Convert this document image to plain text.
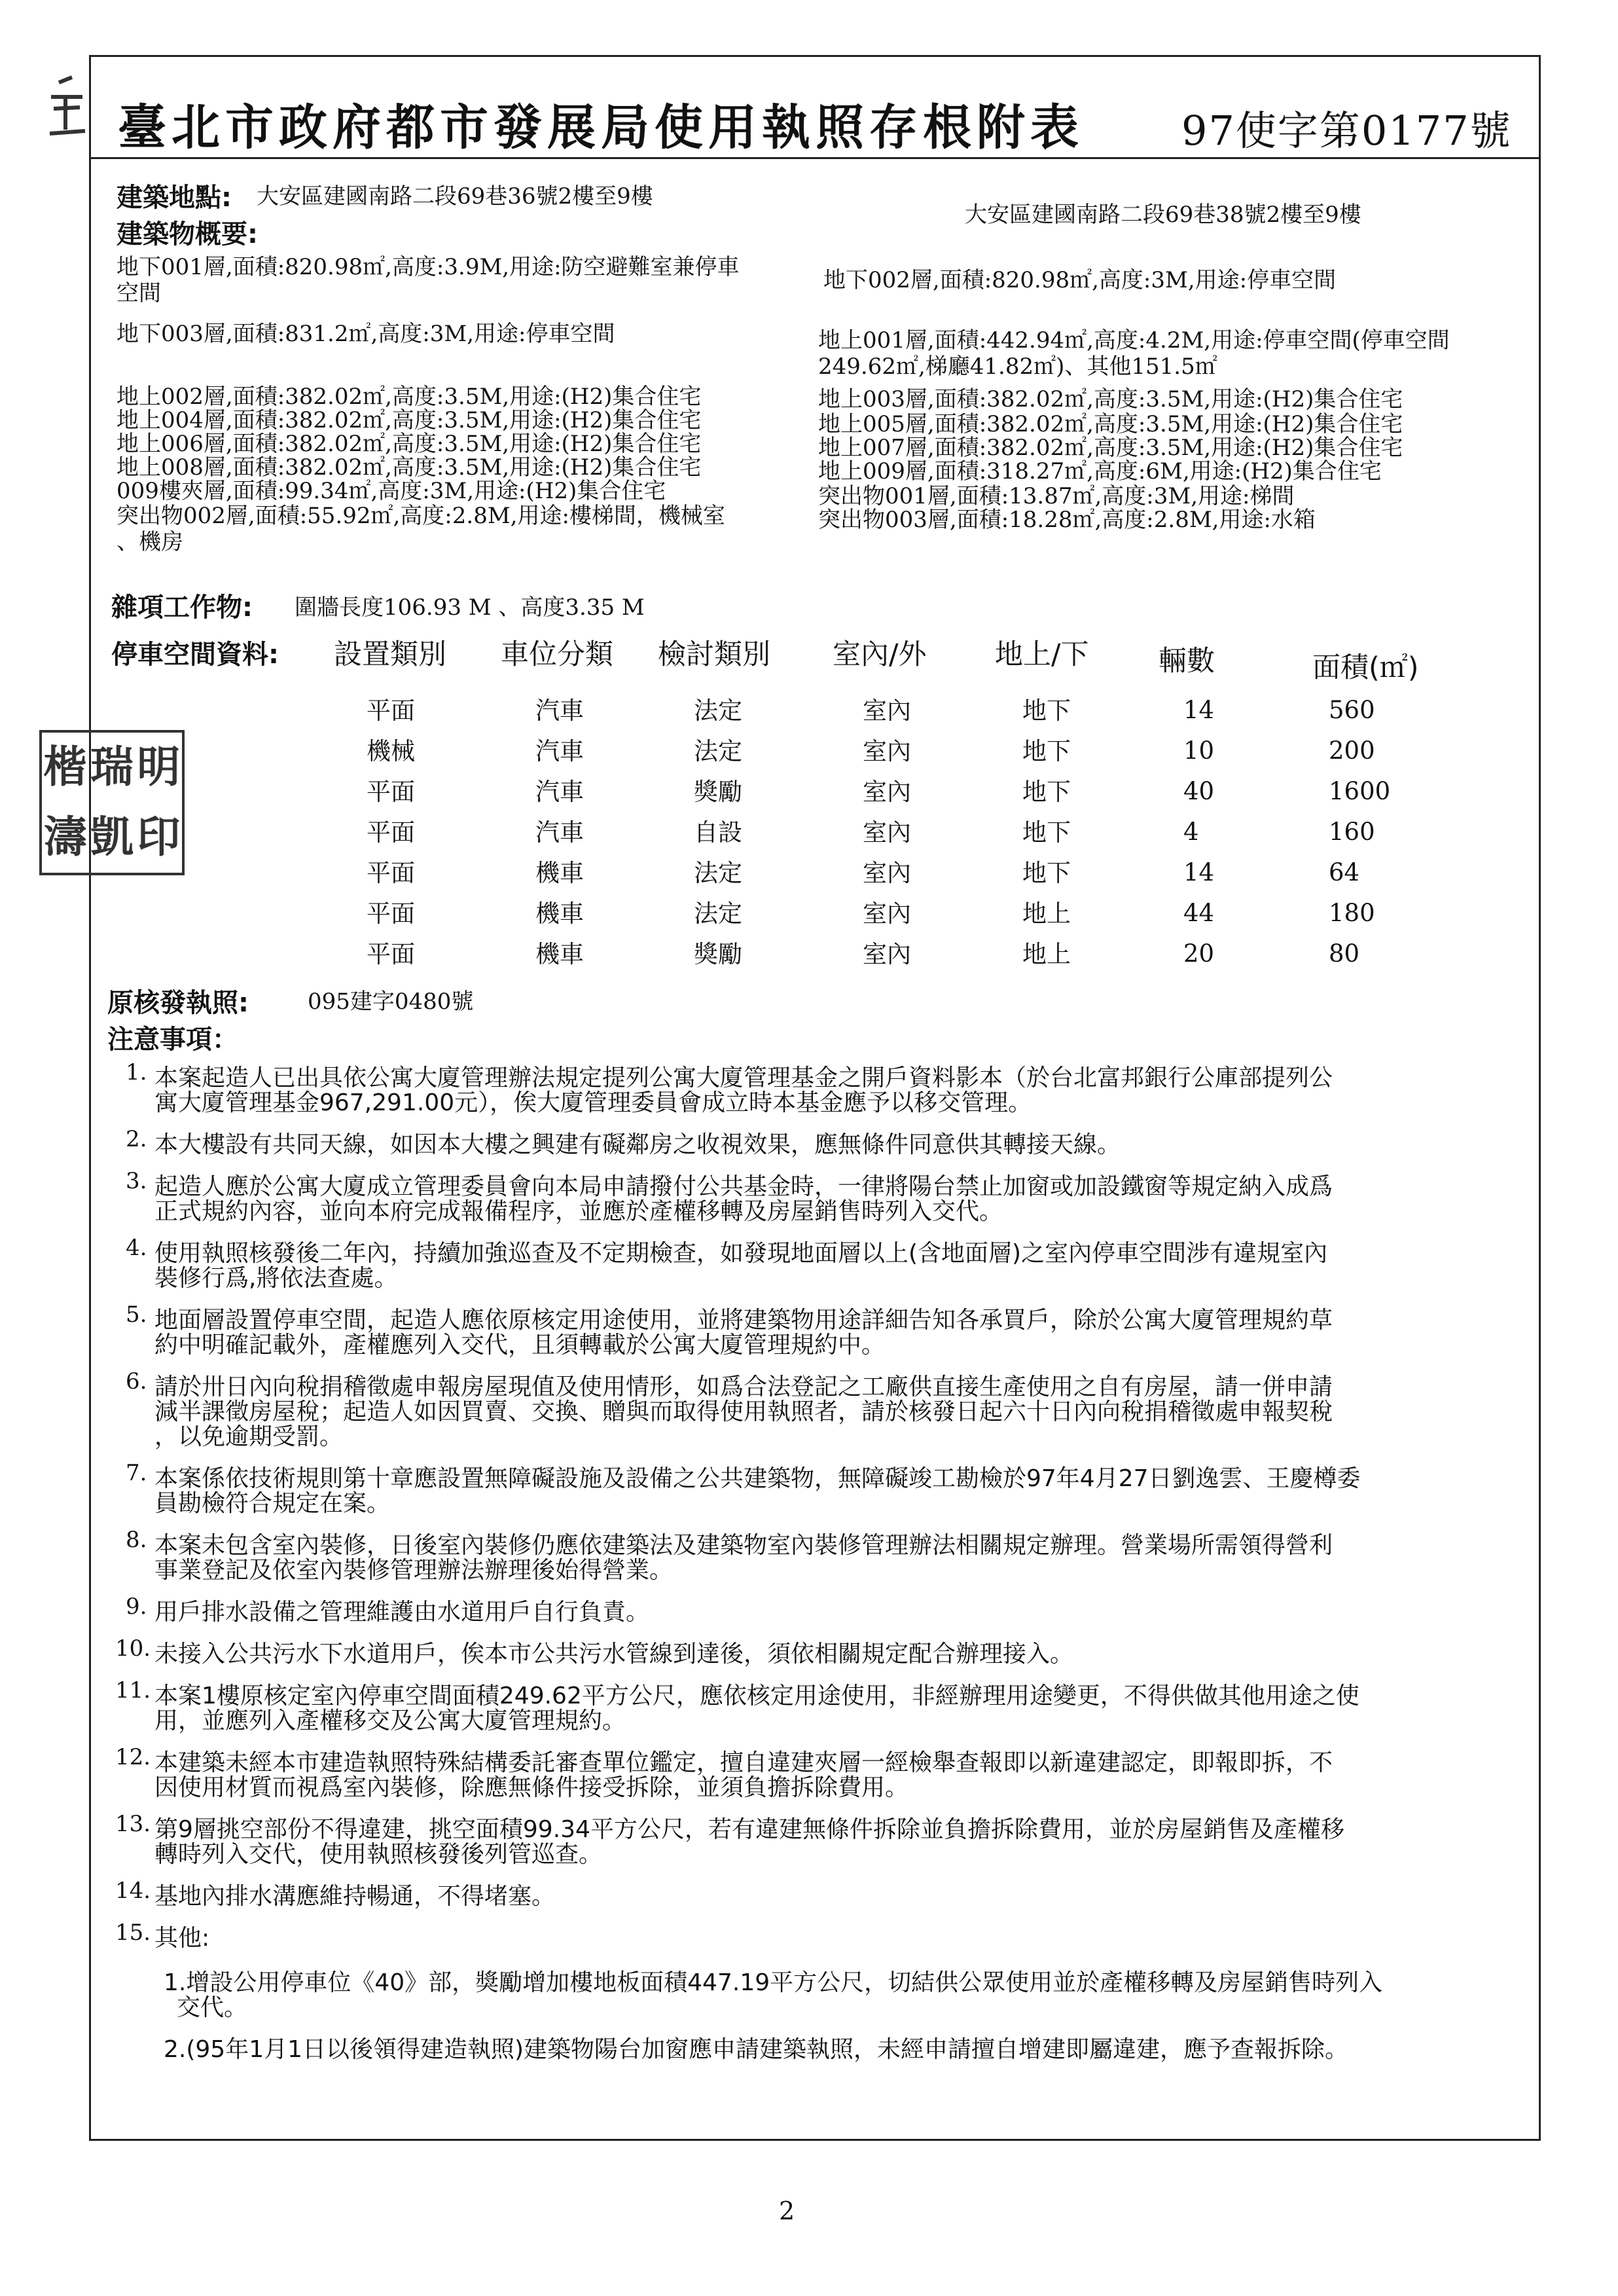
臺北市政府都市發展局使用執照存根附表 97使字第0177號
建築地點: 大安區建國南路二段69巷36號2樓至9樓
大安區建國南路二段69巷38號2樓至9樓
建築物概要:
地下001層,面積:820.98㎡,高度:3.9M,用途:防空避難室兼停車
空間
地下003層,面積:831.2㎡,高度:3M,用途:停車空間
地上002層,面積:382.02㎡,高度:3.5M,用途:(H2)集合住宅
地上004層,面積:382.02㎡,高度:3.5M,用途:(H2)集合住宅
地上006層,面積:382.02㎡,高度:3.5M,用途:(H2)集合住宅
地上008層,面積:382.02㎡,高度:3.5M,用途:(H2)集合住宅
009樓夾層,面積:99.34㎡,高度:3M,用途:(H2)集合住宅
突出物002層,面積:55.92㎡,高度:2.8M,用途:樓梯間，機械室
、機房
地下002層,面積:820.98㎡,高度:3M,用途:停車空間
地上001層,面積:442.94㎡,高度:4.2M,用途:停車空間(停車空間
249.62㎡,梯廳41.82㎡)、其他151.5㎡
地上003層,面積:382.02㎡,高度:3.5M,用途:(H2)集合住宅
地上005層,面積:382.02㎡,高度:3.5M,用途:(H2)集合住宅
地上007層,面積:382.02㎡,高度:3.5M,用途:(H2)集合住宅
地上009層,面積:318.27㎡,高度:6M,用途:(H2)集合住宅
突出物001層,面積:13.87㎡,高度:3M,用途:梯間
突出物003層,面積:18.28㎡,高度:2.8M,用途:水箱
雜項工作物: 圍牆長度106.93 M 、高度3.35 M
停車空間資料: 設置類別 車位分類 檢討類別 室內/外 地上/下 輛數	面積(㎡)
平面	汽車	法定	室內	地下	14	560
機械	汽車	法定	室內	地下	10	200
平面	汽車	獎勵	室內	地下	40	1600
平面	汽車	自設	室內	地下	4	160
平面	機車	法定	室內	地下	14	64
平面	機車	法定	室內	地上	44	180
平面	機車	獎勵	室內	地上	20	80
原核發執照:	095建字0480號
注意事項：
1. 本案起造人已出具依公寓大廈管理辦法規定提列公寓大廈管理基金之開戶資料影本（於台北富邦銀行公庫部提列公
寓大廈管理基金967,291.00元），俟大廈管理委員會成立時本基金應予以移交管理。
2. 本大樓設有共同天線，如因本大樓之興建有礙鄰房之收視效果，應無條件同意供其轉接天線。
3. 起造人應於公寓大廈成立管理委員會向本局申請撥付公共基金時，一律將陽台禁止加窗或加設鐵窗等規定納入成爲
正式規約內容，並向本府完成報備程序，並應於產權移轉及房屋銷售時列入交代。
4. 使用執照核發後二年內，持續加強巡查及不定期檢查，如發現地面層以上(含地面層)之室內停車空間涉有違規室內
裝修行爲,將依法查處。
5. 地面層設置停車空間，起造人應依原核定用途使用，並將建築物用途詳細告知各承買戶，除於公寓大廈管理規約草
約中明確記載外，產權應列入交代，且須轉載於公寓大廈管理規約中。
6. 請於卅日內向稅捐稽徵處申報房屋現值及使用情形，如爲合法登記之工廠供直接生產使用之自有房屋，請一併申請
減半課徵房屋稅；起造人如因買賣、交換、贈與而取得使用執照者，請於核發日起六十日內向稅捐稽徵處申報契稅
，以免逾期受罰。
7. 本案係依技術規則第十章應設置無障礙設施及設備之公共建築物，無障礙竣工勘檢於97年4月27日劉逸雲、王慶樽委
員勘檢符合規定在案。
8. 本案未包含室內裝修，日後室內裝修仍應依建築法及建築物室內裝修管理辦法相關規定辦理。營業場所需領得營利
事業登記及依室內裝修管理辦法辦理後始得營業。
9. 用戶排水設備之管理維護由水道用戶自行負責。
10. 未接入公共污水下水道用戶，俟本市公共污水管線到達後，須依相關規定配合辦理接入。
11. 本案1樓原核定室內停車空間面積249.62平方公尺，應依核定用途使用，非經辦理用途變更，不得供做其他用途之使
用，並應列入產權移交及公寓大廈管理規約。
12. 本建築未經本市建造執照特殊結構委託審查單位鑑定，擅自違建夾層一經檢舉查報即以新違建認定，即報即拆，不
因使用材質而視爲室內裝修，除應無條件接受拆除，並須負擔拆除費用。
13. 第9層挑空部份不得違建，挑空面積99.34平方公尺，若有違建無條件拆除並負擔拆除費用，並於房屋銷售及產權移
轉時列入交代，使用執照核發後列管巡查。
14. 基地內排水溝應維持暢通，不得堵塞。
15. 其他:
1.增設公用停車位《40》部，獎勵增加樓地板面積447.19平方公尺，切結供公眾使用並於產權移轉及房屋銷售時列入
交代。
2.(95年1月1日以後領得建造執照)建築物陽台加窗應申請建築執照，未經申請擅自增建即屬違建，應予查報拆除。
楷 瑞 明
濤 凱 印
2
